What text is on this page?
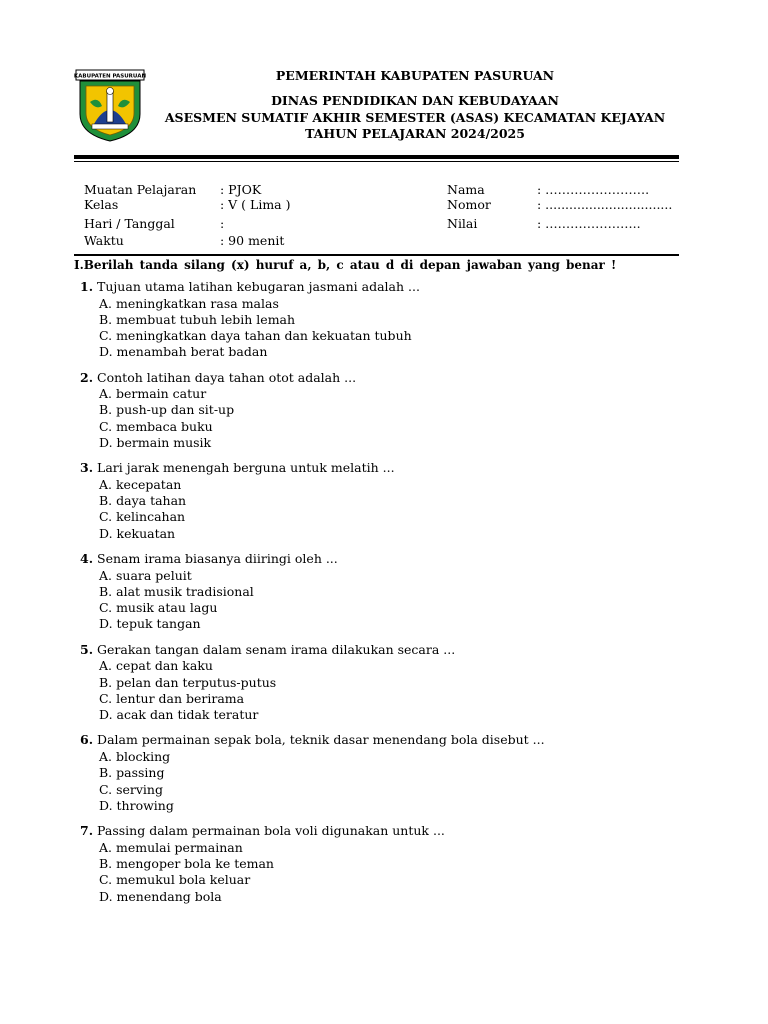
KABUPATEN PASURUAN	PEMERINTAH KABUPATEN PASURUAN
DINAS PENDIDIKAN DAN KEBUDAYAAN
ASESMEN SUMATIF AKHIR SEMESTER (ASAS) KECAMATAN KEJAYAN
TAHUN PELAJARAN 2024/2025
Muatan Pelajaran : PJOK
Kelas	: V ( Lima )
Hari / Tanggal	:
Waktu	: 90 menit
Nama	: …………………….
Nomor	: ................................
Nilai	: …………………..
I.Berilah tanda silang (x) huruf a, b, c atau d di depan jawaban yang benar !
1. Tujuan utama latihan kebugaran jasmani adalah ...
A. meningkatkan rasa malas
B. membuat tubuh lebih lemah
C. meningkatkan daya tahan dan kekuatan tubuh
D. menambah berat badan
2. Contoh latihan daya tahan otot adalah ...
A. bermain catur
B. push-up dan sit-up
C. membaca buku
D. bermain musik
3. Lari jarak menengah berguna untuk melatih ...
A. kecepatan
B. daya tahan
C. kelincahan
D. kekuatan
4. Senam irama biasanya diiringi oleh ...
A. suara peluit
B. alat musik tradisional
C. musik atau lagu
D. tepuk tangan
5. Gerakan tangan dalam senam irama dilakukan secara ...
A. cepat dan kaku
B. pelan dan terputus-putus
C. lentur dan berirama
D. acak dan tidak teratur
6. Dalam permainan sepak bola, teknik dasar menendang bola disebut ...
A. blocking
B. passing
C. serving
D. throwing
7. Passing dalam permainan bola voli digunakan untuk ...
A. memulai permainan
B. mengoper bola ke teman
C. memukul bola keluar
D. menendang bola
